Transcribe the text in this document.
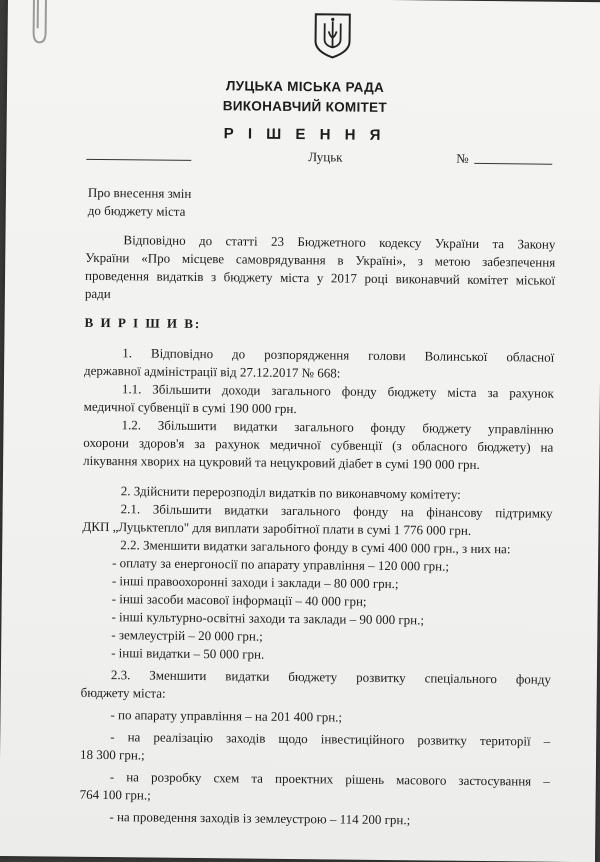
ЛУЦЬКА МІСЬКА РАДА
ВИКОНАВЧИЙ КОМІТЕТ
Р І Ш Е Н Н Я
Луцьк	№
Про внесення змін
до бюджету міста
Відповідно до статті 23 Бюджетного кодексу України та Закону
України «Про місцеве самоврядування в Україні», з метою забезпечення
проведення видатків з бюджету міста у 2017 році виконавчий комітет міської
ради
В И Р І Ш И В:
1. Відповідно до розпорядження голови Волинської обласної
державної адміністрації від 27.12.2017 № 668:
1.1. Збільшити доходи загального фонду бюджету міста за рахунок
медичної субвенції в сумі 190 000 грн.
1.2. Збільшити видатки загального фонду бюджету управлінню
охорони здоров'я за рахунок медичної субвенції (з обласного бюджету) на
лікування хворих на цукровий та нецукровий діабет в сумі 190 000 грн.
2. Здійснити перерозподіл видатків по виконавчому комітету:
2.1. Збільшити видатки загального фонду на фінансову підтримку
ДКП „Луцьктепло" для виплати заробітної плати в сумі 1 776 000 грн.
2.2. Зменшити видатки загального фонду в сумі 400 000 грн., з них на:
- оплату за енергоносії по апарату управління – 120 000 грн.;
- інші правоохоронні заходи і заклади – 80 000 грн.;
- інші засоби масової інформації – 40 000 грн;
- інші культурно-освітні заходи та заклади – 90 000 грн.;
- землеустрій – 20 000 грн.;
- інші видатки – 50 000 грн.
2.3. Зменшити видатки бюджету розвитку спеціального фонду
бюджету міста:
- по апарату управління – на 201 400 грн.;
- на реалізацію заходів щодо інвестиційного розвитку території –
18 300 грн.;
- на розробку схем та проектних рішень масового застосування –
764 100 грн.;
- на проведення заходів із землеустрою – 114 200 грн.;
